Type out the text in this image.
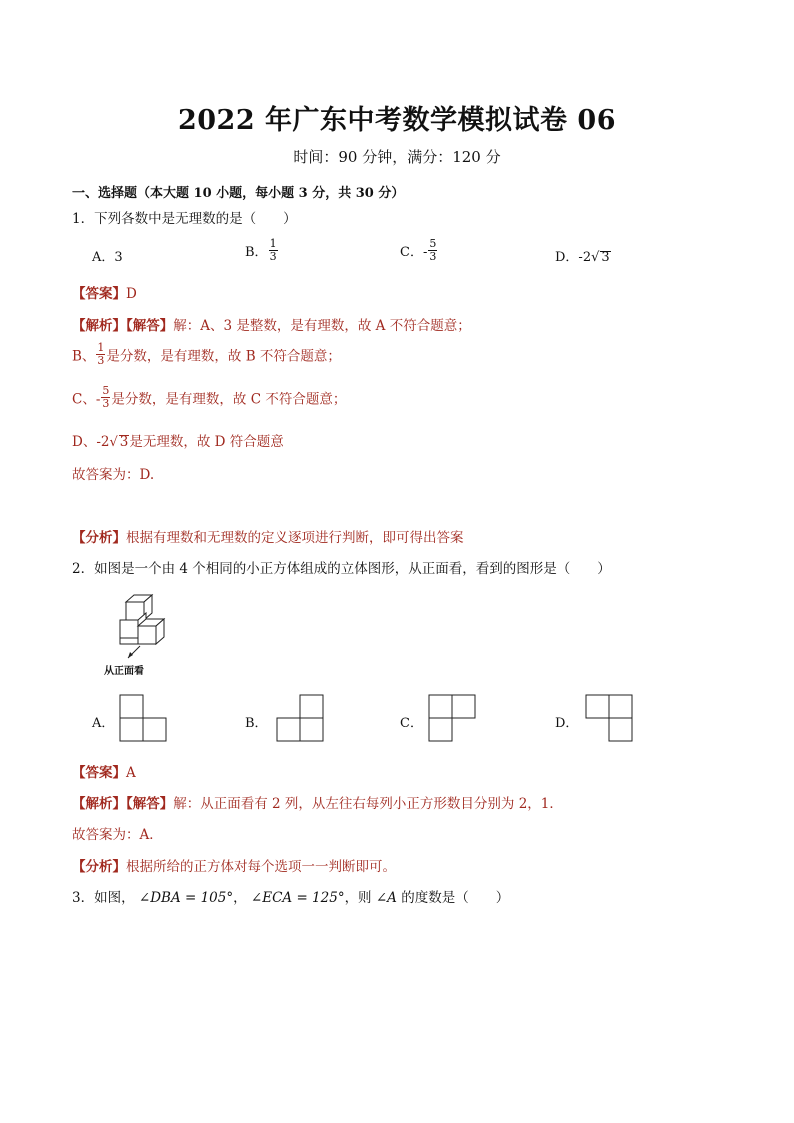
2022 年广东中考数学模拟试卷 06
时间：90 分钟，满分：120 分
一、选择题（本大题 10 小题，每小题 3 分，共 30 分）
1．下列各数中是无理数的是（　　）
A．3	B． $\frac{1}{3}$	C．- $\frac{5}{3}$	D．-2√ 3
【答案】D
【解析】【解答】解：A、3 是整数，是有理数，故 A 不符合题意；
B、 $\frac{1}{3}$ 是分数，是有理数，故 B 不符合题意；
C、- $\frac{5}{3}$ 是分数，是有理数，故 C 不符合题意；
D、-2√ 3是无理数，故 D 符合题意
故答案为：D.
【分析】根据有理数和无理数的定义逐项进行判断，即可得出答案
2．如图是一个由 4 个相同的小正方体组成的立体图形，从正面看，看到的图形是（　　）
从正面看
A．	B．	C．	D．
【答案】A
【解析】【解答】解：从正面看有 2 列，从左往右每列小正方形数目分别为 2，1．
故答案为：A．
【分析】根据所给的正方体对每个选项一一判断即可。
3．如图， ∠DBA = 105°， ∠ECA = 125°，则 ∠A 的度数是（　　）
